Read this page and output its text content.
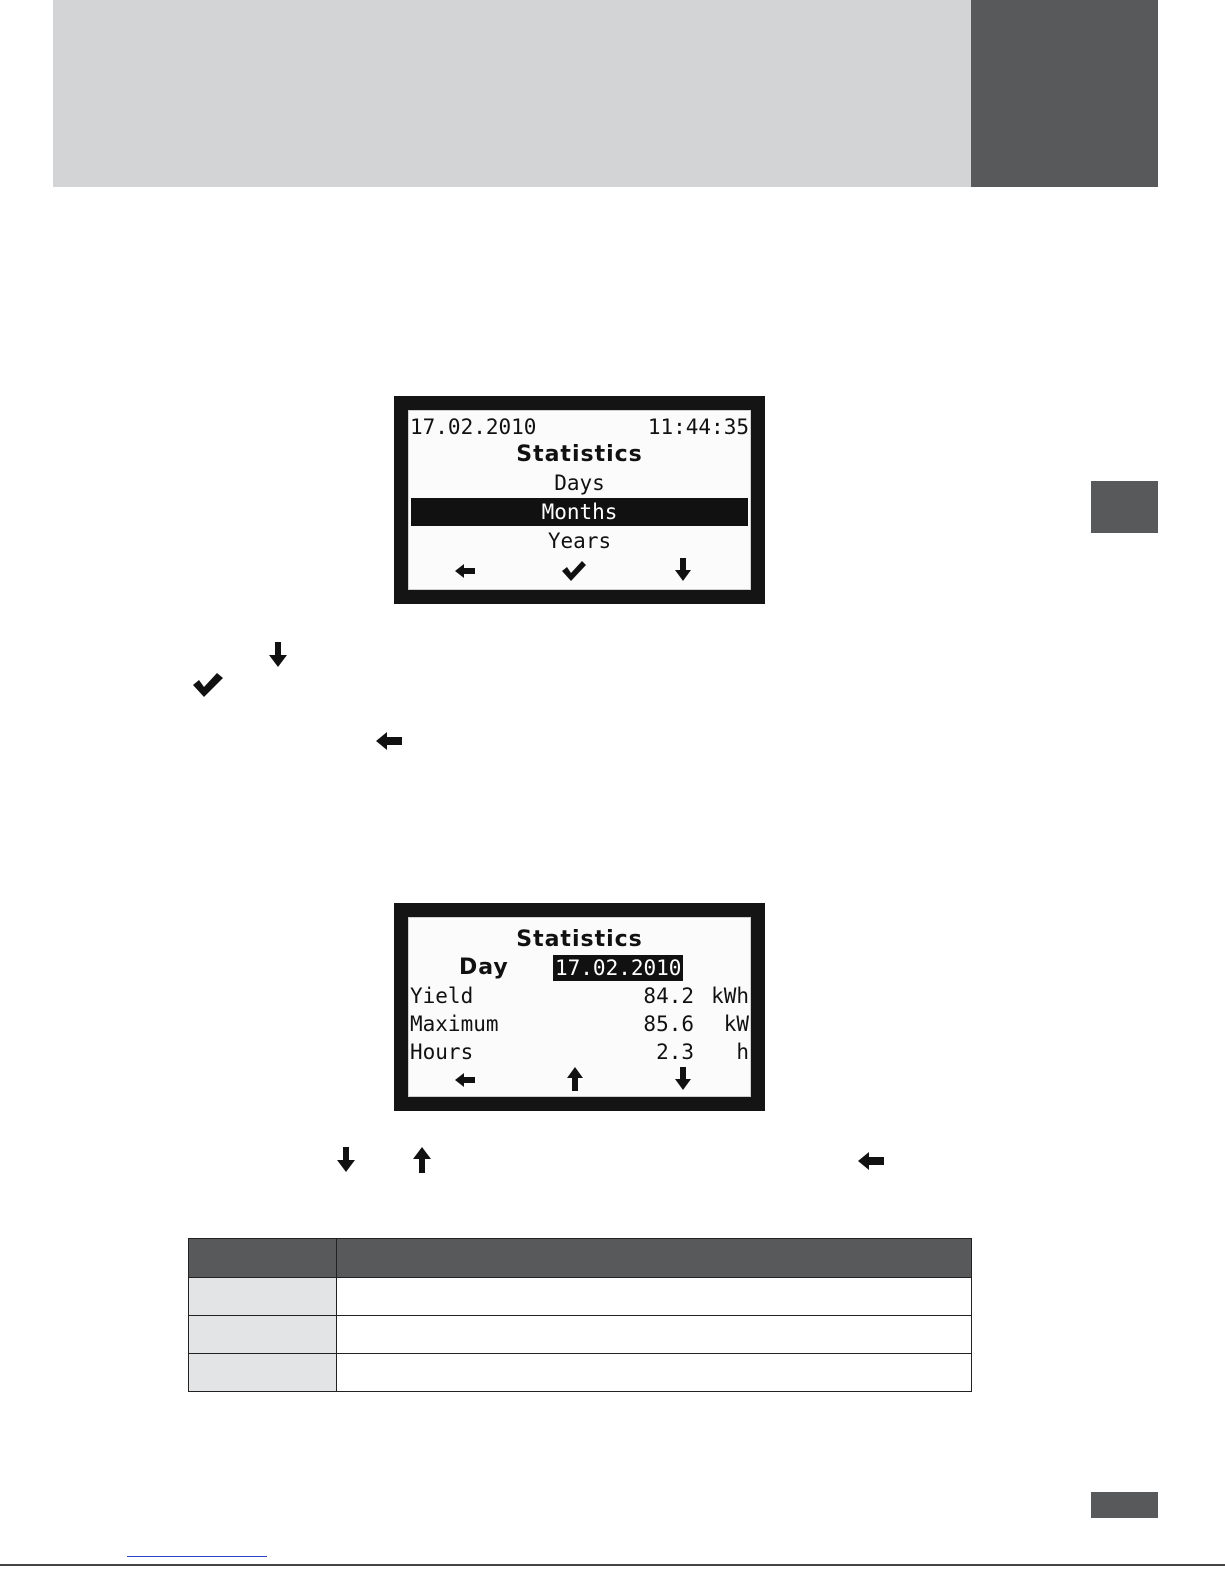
17.02.2010	11:44:35
Statistics
Days
Months
Years
Statistics
Day 17.02.2010
Yield	84.2 kWh
Maximum	85.6 kW
Hours	2.3 h
